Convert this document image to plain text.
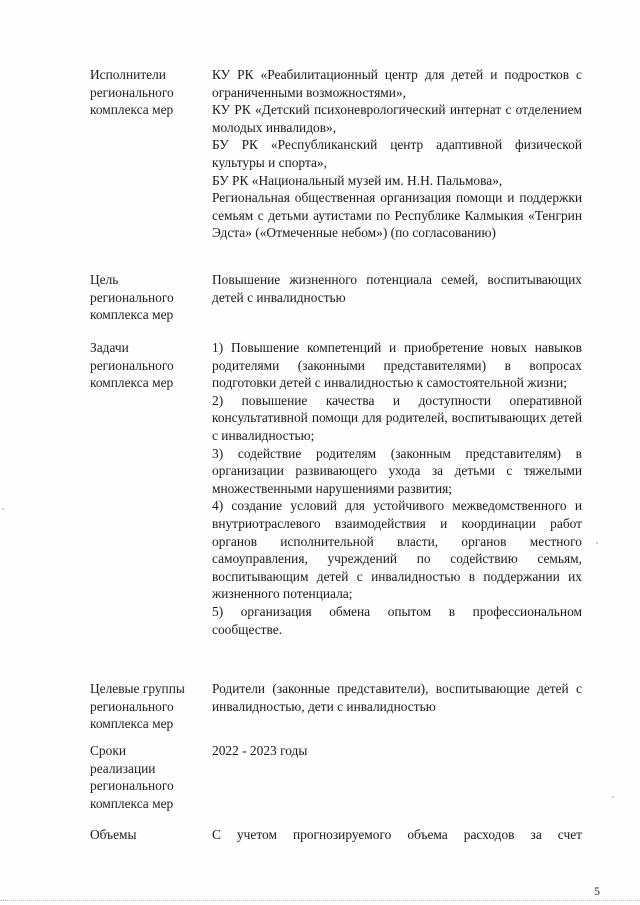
Исполнители
регионального
комплекса мер

КУ РК «Реабилитационный центр для детей и подростков с ограниченными возможностями»,

КУ РК «Детский психоневрологический интернат с отделением молодых инвалидов»,

БУ РК «Республиканский центр адаптивной физической культуры и спорта»,

БУ РК «Национальный музей им. Н.Н. Пальмова»,

Региональная общественная организация помощи и поддержки семьям с детьми аутистами по Республике Калмыкия «Тенгрин Эдста» («Отмеченные небом») (по согласованию)

Цель
регионального
комплекса мер

Повышение жизненного потенциала семей, воспитывающих детей с инвалидностью

Задачи
регионального
комплекса мер

1) Повышение компетенций и приобретение новых навыков родителями (законными представителями) в вопросах подготовки детей с инвалидностью к самостоятельной жизни;

2) повышение качества и доступности оперативной консультативной помощи для родителей, воспитывающих детей с инвалидностью;

3) содействие родителям (законным представителям) в организации развивающего ухода за детьми с тяжелыми множественными нарушениями развития;

4) создание условий для устойчивого межведомственного и внутриотраслевого взаимодействия и координации работ органов исполнительной власти, органов местного самоуправления, учреждений по содействию семьям, воспитывающим детей с инвалидностью в поддержании их жизненного потенциала;

5) организация обмена опытом в профессиональном сообществе.

Целевые группы
регионального
комплекса мер

Родители (законные представители), воспитывающие детей с инвалидностью, дети с инвалидностью

Сроки
реализации
регионального
комплекса мер

2022 - 2023 годы

Объемы	С учетом прогнозируемого объема расходов за счет

5
